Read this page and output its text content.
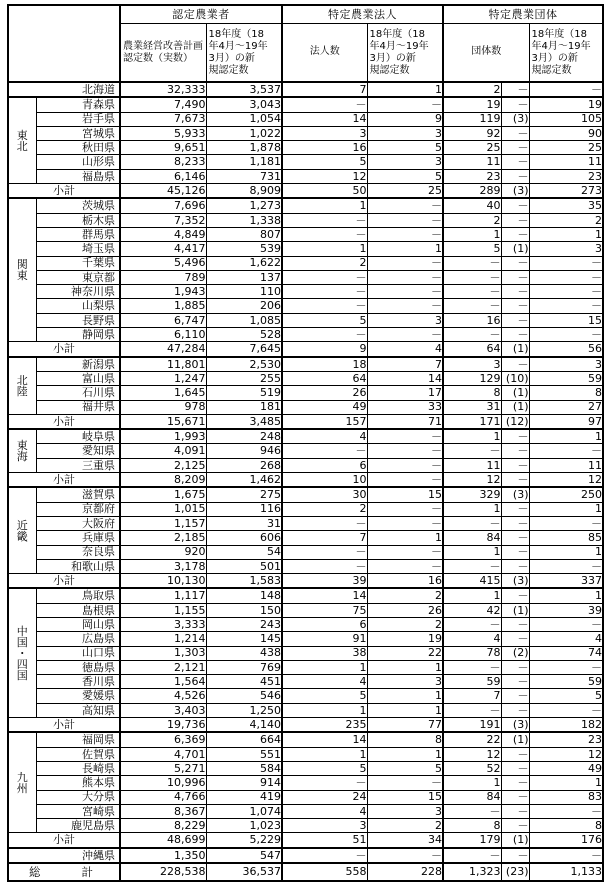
		認定農業者		特定農業法人		特定農業団体		

農業経営改善計画
認定数（実数）

18年度（18
年4月～19年
3月）の新
規認定数
	法人数	
18年度（18
年4月～19年
3月）の新
規認定数
	団体数	
18年度（18
年4月～19年
3月）の新
規認定数

北海道		32,333	3,537	7	1	2	－	－

東
北	青森県	7,490	3,043	－	－	19	－	19
	岩手県	7,673	1,054	14	9	119	(3)	105
	宮城県	5,933	1,022	3	3	92	－	90
	秋田県	9,651	1,878	16	5	25	－	25
	山形県	8,233	1,181	5	3	11	－	11
	福島県	6,146	731	12	5	23	－	23
小計		45,126	8,909	50	25	289	(3)	273

関
東	茨城県	7,696	1,273	1	－	40	－	35
	栃木県	7,352	1,338	－	－	2	－	2
	群馬県	4,849	807	－	－	1	－	1
	埼玉県	4,417	539	1	1	5	(1)	3
	千葉県	5,496	1,622	2	－	－	－	－
	東京都	789	137	－	－	－	－	－
	神奈川県	1,943	110	－	－	－	－	－
	山梨県	1,885	206	－	－	－	－	－
	長野県	6,747	1,085	5	3	16	－	15
	静岡県	6,110	528	－	－	－	－	－
小計		47,284	7,645	9	4	64	(1)	56

北
陸	新潟県	11,801	2,530	18	7	3	－	3
	富山県	1,247	255	64	14	129	(10)	59
	石川県	1,645	519	26	17	8	(1)	8
	福井県	978	181	49	33	31	(1)	27
小計		15,671	3,485	157	71	171	(12)	97

東
海	岐阜県	1,993	248	4	－	1	－	1
	愛知県	4,091	946	－	－	－	－	－
	三重県	2,125	268	6	－	11	－	11
小計		8,209	1,462	10	－	12	－	12

近
畿	滋賀県	1,675	275	30	15	329	(3)	250
	京都府	1,015	116	2	－	1	－	1
	大阪府	1,157	31	－	－	－	－	－
	兵庫県	2,185	606	7	1	84	－	85
	奈良県	920	54	－	－	1	－	1
	和歌山県	3,178	501	－	－	－	－	－
小計		10,130	1,583	39	16	415	(3)	337

中
国
・
四
国	鳥取県	1,117	148	14	2	1	－	1
	島根県	1,155	150	75	26	42	(1)	39
	岡山県	3,333	243	6	2	－	－	－
	広島県	1,214	145	91	19	4	－	4
	山口県	1,303	438	38	22	78	(2)	74
	徳島県	2,121	769	1	1	－	－	－
	香川県	1,564	451	4	3	59	－	59
	愛媛県	4,526	546	5	1	7	－	5
	高知県	3,403	1,250	1	1	－	－	－
小計		19,736	4,140	235	77	191	(3)	182

九
州	福岡県	6,369	664	14	8	22	(1)	23
	佐賀県	4,701	551	1	1	12	－	12
	長崎県	5,271	584	5	5	52	－	49
	熊本県	10,996	914	－	－	1	－	1
	大分県	4,766	419	24	15	84	－	83
	宮崎県	8,367	1,074	4	3	－	－	－
	鹿児島県	8,229	1,023	3	2	8	－	8
小計		48,699	5,229	51	34	179	(1)	176
沖縄県		1,350	547	－	－	－	－	－
総　　計		228,538	36,537	558	228	1,323	(23)	1,133
